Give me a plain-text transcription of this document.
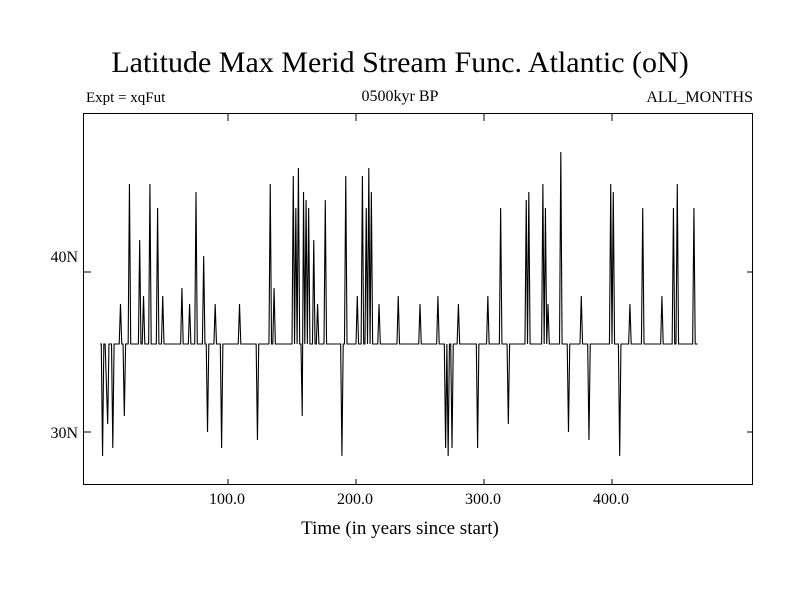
Latitude Max Merid Stream Func. Atlantic (oN)
Expt = xqFut	0500kyr BP	ALL_MONTHS
40N
30N
100.0	200.0	300.0	400.0
Time (in years since start)
